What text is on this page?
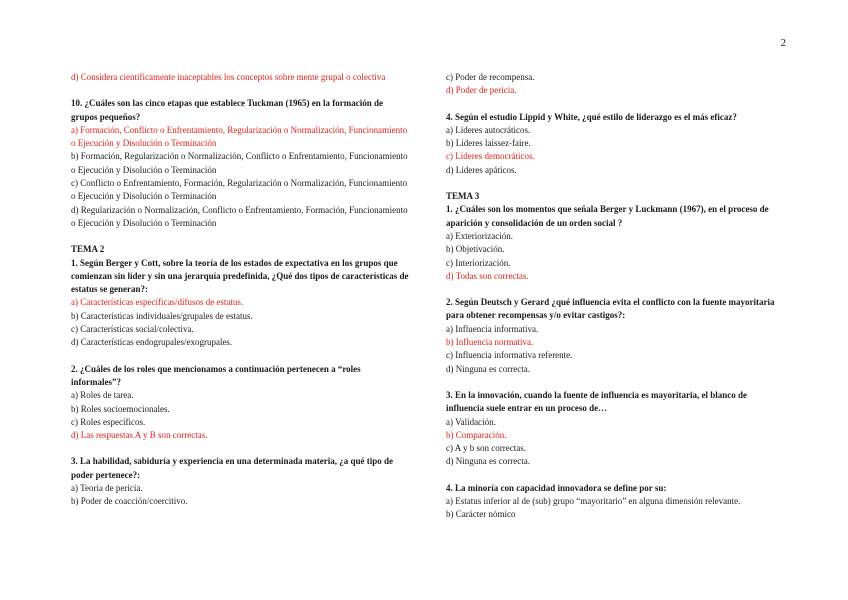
2

d) Considera científicamente inaceptables los conceptos sobre mente grupal o colectiva

10. ¿Cuáles son las cinco etapas que establece Tuckman (1965) en la formación de grupos pequeños?

a) Formación, Conflicto o Enfrentamiento, Regularización o Normalización, Funcionamiento o Ejecución y Disolución o Terminación

b) Formación, Regularización o Normalización, Conflicto o Enfrentamiento, Funcionamiento o Ejecución y Disolución o Terminación

c) Conflicto o Enfrentamiento, Formación, Regularización o Normalización, Funcionamiento o Ejecución y Disolución o Terminación

d) Regularización o Normalización, Conflicto o Enfrentamiento, Formación, Funcionamiento o Ejecución y Disolución o Terminación

TEMA 2

1. Según Berger y Cott, sobre la teoría de los estados de expectativa en los grupos que comienzan sin líder y sin una jerarquía predefinida, ¿Qué dos tipos de características de estatus se generan?:

a) Características específicas/difusos de estatus.

b) Características individuales/grupales de estatus.

c) Características social/colectiva.

d) Características endogrupales/exogrupales.

2. ¿Cuáles de los roles que mencionamos a continuación pertenecen a “roles informales”?

a) Roles de tarea.

b) Roles socioemocionales.

c) Roles específicos.

d) Las respuestas A y B son correctas.

3. La habilidad, sabiduría y experiencia en una determinada materia, ¿a qué tipo de poder pertenece?:

a) Teoría de pericia.

b) Poder de coacción/coercitivo.

c) Poder de recompensa.

d) Poder de pericia.

4. Según el estudio Lippid y White, ¿qué estilo de liderazgo es el más eficaz?

a) Líderes autocráticos.

b) Líderes laissez-faire.

c) Líderes democráticos.

d) Líderes apáticos.

TEMA 3

1. ¿Cuáles son los momentos que señala Berger y Luckmann (1967), en el proceso de aparición y consolidación de un orden social ?

a) Exteriorización.

b) Objetivación.

c) Interiorización.

d) Todas son correctas.

2. Según Deutsch y Gerard ¿qué influencia evita el conflicto con la fuente mayoritaria para obtener recompensas y/o evitar castigos?:

a) Influencia informativa.

b) Influencia normativa.

c) Influencia informativa referente.

d) Ninguna es correcta.

3. En la innovación, cuando la fuente de influencia es mayoritaria, el blanco de influencia suele entrar en un proceso de…

a) Validación.

b) Comparación.

c) A y b son correctas.

d) Ninguna es correcta.

4. La minoría con capacidad innovadora se define por su:

a) Estatus inferior al de (sub) grupo “mayoritario” en alguna dimensión relevante.

b) Carácter nómico
